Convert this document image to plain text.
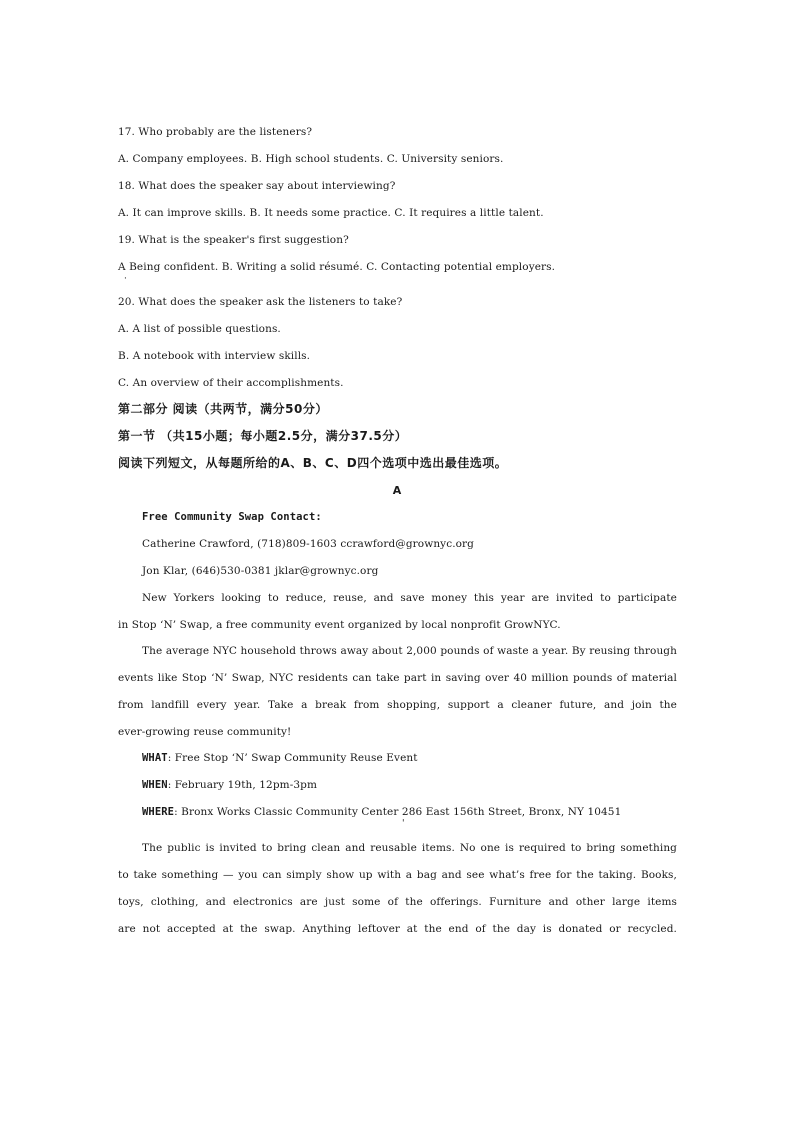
17. Who probably are the listeners?
A. Company employees. B. High school students. C. University seniors.
18. What does the speaker say about interviewing?
A. It can improve skills. B. It needs some practice. C. It requires a little talent.
19. What is the speaker's first suggestion?
A Being confident. B. Writing a solid résumé. C. Contacting potential employers.
·
20. What does the speaker ask the listeners to take?
A. A list of possible questions.
B. A notebook with interview skills.
C. An overview of their accomplishments.
第二部分 阅读（共两节，满分50分）
第一节 （共15小题；每小题2.5分，满分37.5分）
阅读下列短文，从每题所给的A、B、C、D四个选项中选出最佳选项。
A
Free Community Swap Contact:
Catherine Crawford, (718)809-1603 ccrawford@grownyc.org
Jon Klar, (646)530-0381 jklar@grownyc.org
New Yorkers looking to reduce, reuse, and save money this year are invited to participate
in Stop ‘N’ Swap, a free community event organized by local nonprofit GrowNYC.
The average NYC household throws away about 2,000 pounds of waste a year. By reusing through
events like Stop ‘N’ Swap, NYC residents can take part in saving over 40 million pounds of material
from landfill every year. Take a break from shopping, support a cleaner future, and join the
ever-growing reuse community!
WHAT: Free Stop ‘N’ Swap Community Reuse Event
WHEN: February 19th, 12pm-3pm
WHERE: Bronx Works Classic Community Center 286 East 156th Street, Bronx, NY 10451
'
The public is invited to bring clean and reusable items. No one is required to bring something
to take something — you can simply show up with a bag and see what’s free for the taking. Books,
toys, clothing, and electronics are just some of the offerings. Furniture and other large items
are not accepted at the swap. Anything leftover at the end of the day is donated or recycled.
